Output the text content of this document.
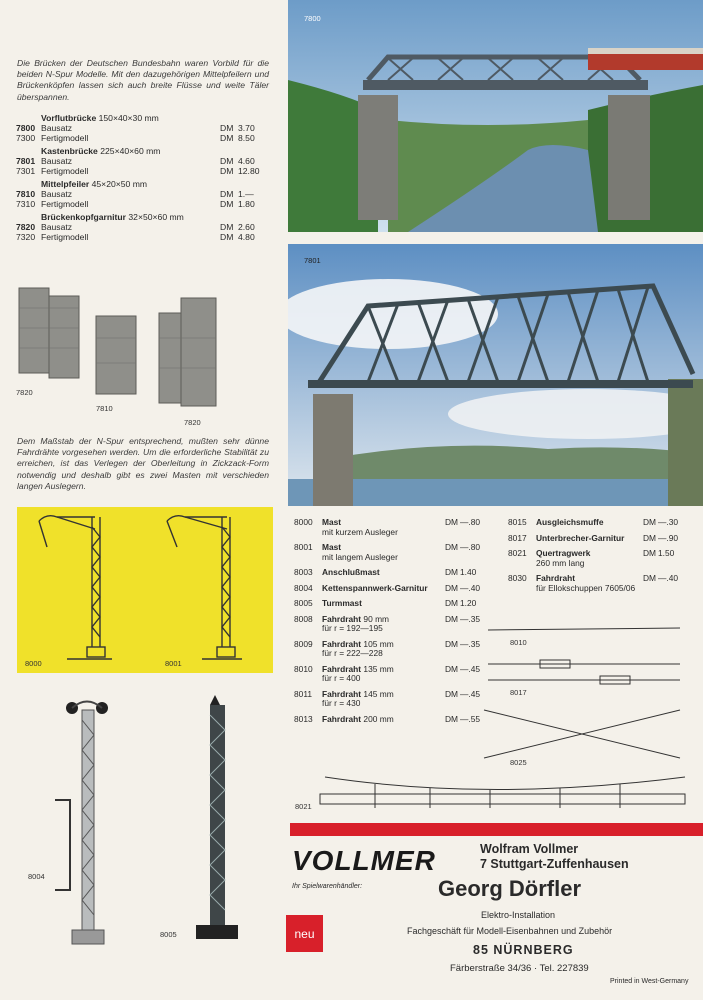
Die Brücken der Deutschen Bundesbahn waren Vorbild für die beiden N-Spur Modelle. Mit den dazugehörigen Mittelpfeilern und Brückenköpfen lassen sich auch breite Flüsse und weite Täler überspannen.
Vorflutbrücke 150×40×30 mm
7800 Bausatz	DM 3.70
7300 Fertigmodell	DM 8.50
Kastenbrücke 225×40×60 mm
7801 Bausatz	DM 4.60
7301 Fertigmodell	DM 12.80
Mittelpfeiler 45×20×50 mm
7810 Bausatz	DM 1.—
7310 Fertigmodell	DM 1.80
Brückenkopfgarnitur 32×50×60 mm
7820 Bausatz	DM 2.60
7320 Fertigmodell	DM 4.80
7800
7801
7820
7810
7820
Dem Maßstab der N-Spur entsprechend, mußten sehr dünne Fahrdrähte vorgesehen werden. Um die erforderliche Stabilität zu erreichen, ist das Verlegen der Oberleitung in Zickzack-Form notwendig und deshalb gibt es zwei Masten mit verschieden langen Auslegern.
8000	8001
8004
8005
8000	Mast
mit kurzem Ausleger
DM —.80
8001	Mast
mit langem Ausleger
DM —.80
8003	Anschlußmast	DM 1.40
8004	Kettenspannwerk-Garnitur	DM —.40
8005	Turmmast	DM 1.20
8008	Fahrdraht 90 mm
für r = 192—195
DM —.35
8009	Fahrdraht 105 mm
für r = 222—228
DM —.35
8010	Fahrdraht 135 mm
für r = 400
DM —.45
8011	Fahrdraht 145 mm
für r = 430
DM —.45
8013	Fahrdraht 200 mm	DM —.55
8015	Ausgleichsmuffe	DM —.30
8017	Unterbrecher-Garnitur	DM —.90
8021	Quertragwerk
260 mm lang
DM 1.50
8030	Fahrdraht
für Ellokschuppen 7605/06
DM —.40
8010
8017
8025
8021
VOLLMER	Wolfram Vollmer
7 Stuttgart-Zuffenhausen
Ihr Spielwarenhändler:
neu
Georg Dörfler
Elektro-Installation
Fachgeschäft für Modell-Eisenbahnen und Zubehör
85 NÜRNBERG
Färberstraße 34/36 · Tel. 227839
Printed in West-Germany
